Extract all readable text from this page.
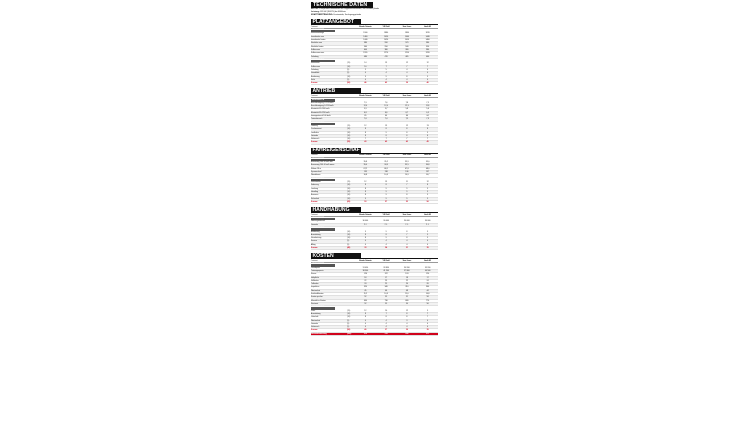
TECHNISCHE DATEN
MOTOR: Vierzylinder-Reihenmotor mit Doppelnockenwellen, vier Ventile/Zylinder
Leistung: 135 kW (184 PS) bei 6000/min
KRAFTÜBERTRAGUNG: Frontantrieb, Sechsganggetriebe
PLATZANGEBOT
Testwert	Skoda Octavia	VW Golf	Seat Leon	Audi A3
MESSWERTE
Innenraumlänge	1900	1880	1890	1870
Innenbreite vorn	1460	1450	1440	1440
Innenbreite hinten	1440	1420	1410	1400
Sitzhöhe vorn	980	990	970	980
Sitzhöhe hinten	960	950	940	950
Kofferraum	600	380	380	380
Kofferraum max.	1555	1270	1210	1220
Zuladung	480	470	465	460
BEWERTUNG
Innenraum	(15)	14	13	12	12
Kofferraum	(10)	10	7	7	7
Zuladung	(5)	5	5	4	4
Variabilität	(5)	4	4	4	4
Bedienung	(10)	9	9	8	9
Sicht	(5)	4	4	4	4
Summe	(50)	46	42	39	40
ANTRIEB
Testwert	Skoda Octavia	VW Golf	Seat Leon	Audi A3
MESSWERTE
Beschleunigung 0–100 km/h	7,9	7,6	7,8	7,5
Beschleunigung 0–130 km/h	12,4	12,0	12,3	11,8
Elastizität 60–100 km/h	5,9	5,7	5,8	5,6
Elastizität 80–120 km/h	6,8	6,6	6,7	6,5
Innengeräusch 100 km/h	65	64	66	64
Testverbrauch	7,6	7,4	7,5	7,3
BEWERTUNG
Leistung	(15)	12	13	12	13
Drehmoment	(10)	8	8	8	8
Laufkultur	(10)	8	9	8	9
Getriebe	(10)	8	8	8	8
Verbrauch	(10)	7	7	7	7
Summe	(55)	43	45	43	45
FAHREIGENSCHAFTEN
Testwert	Skoda Octavia	VW Golf	Seat Leon	Audi A3
MESSWERTE
Bremsweg 100–0 km/h kalt	35,8	35,2	35,9	35,0
Bremsweg 100–0 km/h warm	35,4	34,9	35,5	34,8
Slalom 18 m	67,2	68,1	67,8	68,0
Spurwechsel	135	138	136	137
Wendekreis	10,8	10,9	10,9	10,7
BEWERTUNG
Fahrkomfort	(15)	12	13	11	12
Federung	(10)	8	8	7	8
Lenkung	(10)	8	9	9	9
Handling	(10)	8	9	9	9
Bremsen	(10)	8	9	8	9
Sicherheit	(10)	9	9	9	9
Summe	(65)	53	57	53	56
HANDHABUNG
Testwert	Skoda Octavia	VW Golf	Seat Leon	Audi A3
MESSWERTE
Wartungsintervall	30 000	30 000	30 000	30 000
Garantie	2 J.	2 J.	2 J.	2 J.
BEWERTUNG
Bedienung	(10)	9	9	8	9
Ausstattung	(10)	8	8	7	9
Verarbeitung	(10)	8	9	8	9
Service	(5)	4	4	4	4
Alltag	(5)	4	4	4	4
Summe	(40)	33	34	31	35
KOSTEN
Testwert	Skoda Octavia	VW Golf	Seat Leon	Audi A3
MESSWERTE
Grundpreis	31 450	33 850	30 990	35 200
Testwagenpreis	38 900	41 200	37 800	44 500
Steuer	126	122	124	120
Haftpflicht	18	17	18	17
Vollkasko	22	23	22	24
Teilkasko	24	25	24	26
Inspektion	320	340	310	360
Wertverlust	45	46	48	44
Kraftstoffkosten	11,2	10,9	11,0	10,8
Kosten pro km	52	55	51	58
Monatliche Kosten	690	730	680	770
Restwert	52	55	50	56
BEWERTUNG
Preis	(15)	12	10	12	9
Ausstattung	(10)	8	7	8	7
Unterhalt	(10)	8	8	8	7
Wertverlust	(5)	4	4	3	4
Garantie	(5)	4	4	4	4
Verbrauch	(5)	4	4	4	4
Summe	(50)	40	37	39	35
Gesamtbewertung	(260)	215	215	205	211
